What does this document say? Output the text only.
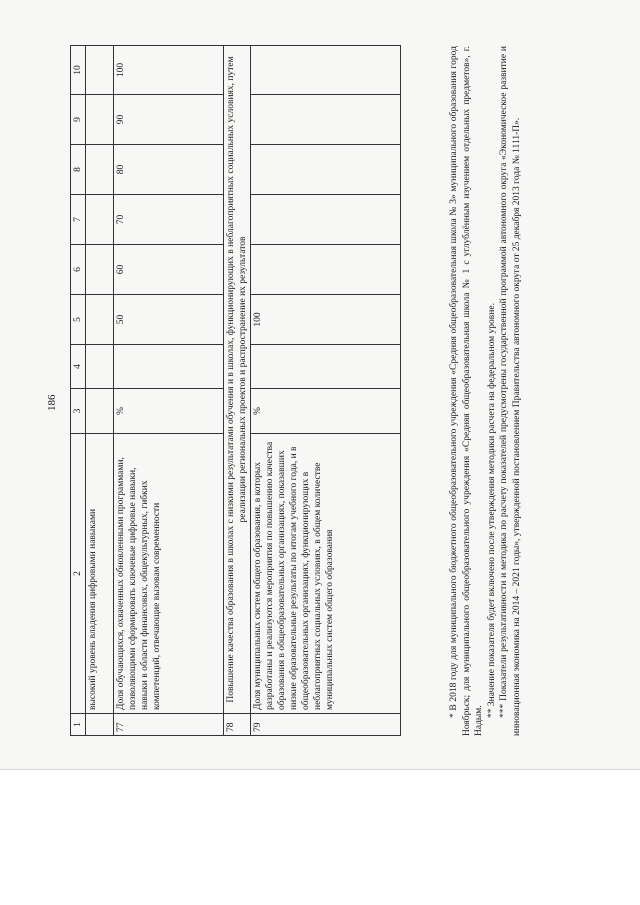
186
1	2	3	4	5	6	7	8	9	10
	высокий уровень владения цифровыми навыками								
77	Доля обучающихся, охваченных обновленными программами, позволяющими сформировать ключевые цифровые навыки, навыки в области финансовых, общекультурных, гибких компетенций, отвечающие вызовам современности	%		50	60	70	80	90	100
78	Повышение качества образования в школах с низкими результатами обучения и в школах, функционирующих в неблагоприятных социальных условиях, путем реализации региональных проектов и распространение их результатов								
79	Доля муниципальных систем общего образования, в которых разработаны и реализуются мероприятия по повышению качества образования в общеобразовательных организациях, показавших низкие образовательные результаты по итогам учебного года, и в общеобразовательных организациях, функционирующих в неблагоприятных социальных условиях, в общем количестве муниципальных систем общего образования	%		100						* В 2018 году для муниципального бюджетного общеобразовательного учреждения «Средняя общеобразовательная школа № 3» муниципального образования город Ноябрьск; для муниципального общеобразовательного учреждения «Средняя общеобразовательная школа № 1 с углублённым изучением отдельных предметов», г. Надым.

** Значение показателя будет включено после утверждения методики расчета на федеральном уровне. *** Показатели результативности и методика по расчету показателей предусмотрены государственной программой автономного округа «Экономическое развитие и инновационная экономика на 2014 – 2021 годы», утвержденной постановлением Правительства автономного округа от 25 декабря 2013 года № 1111-П».
